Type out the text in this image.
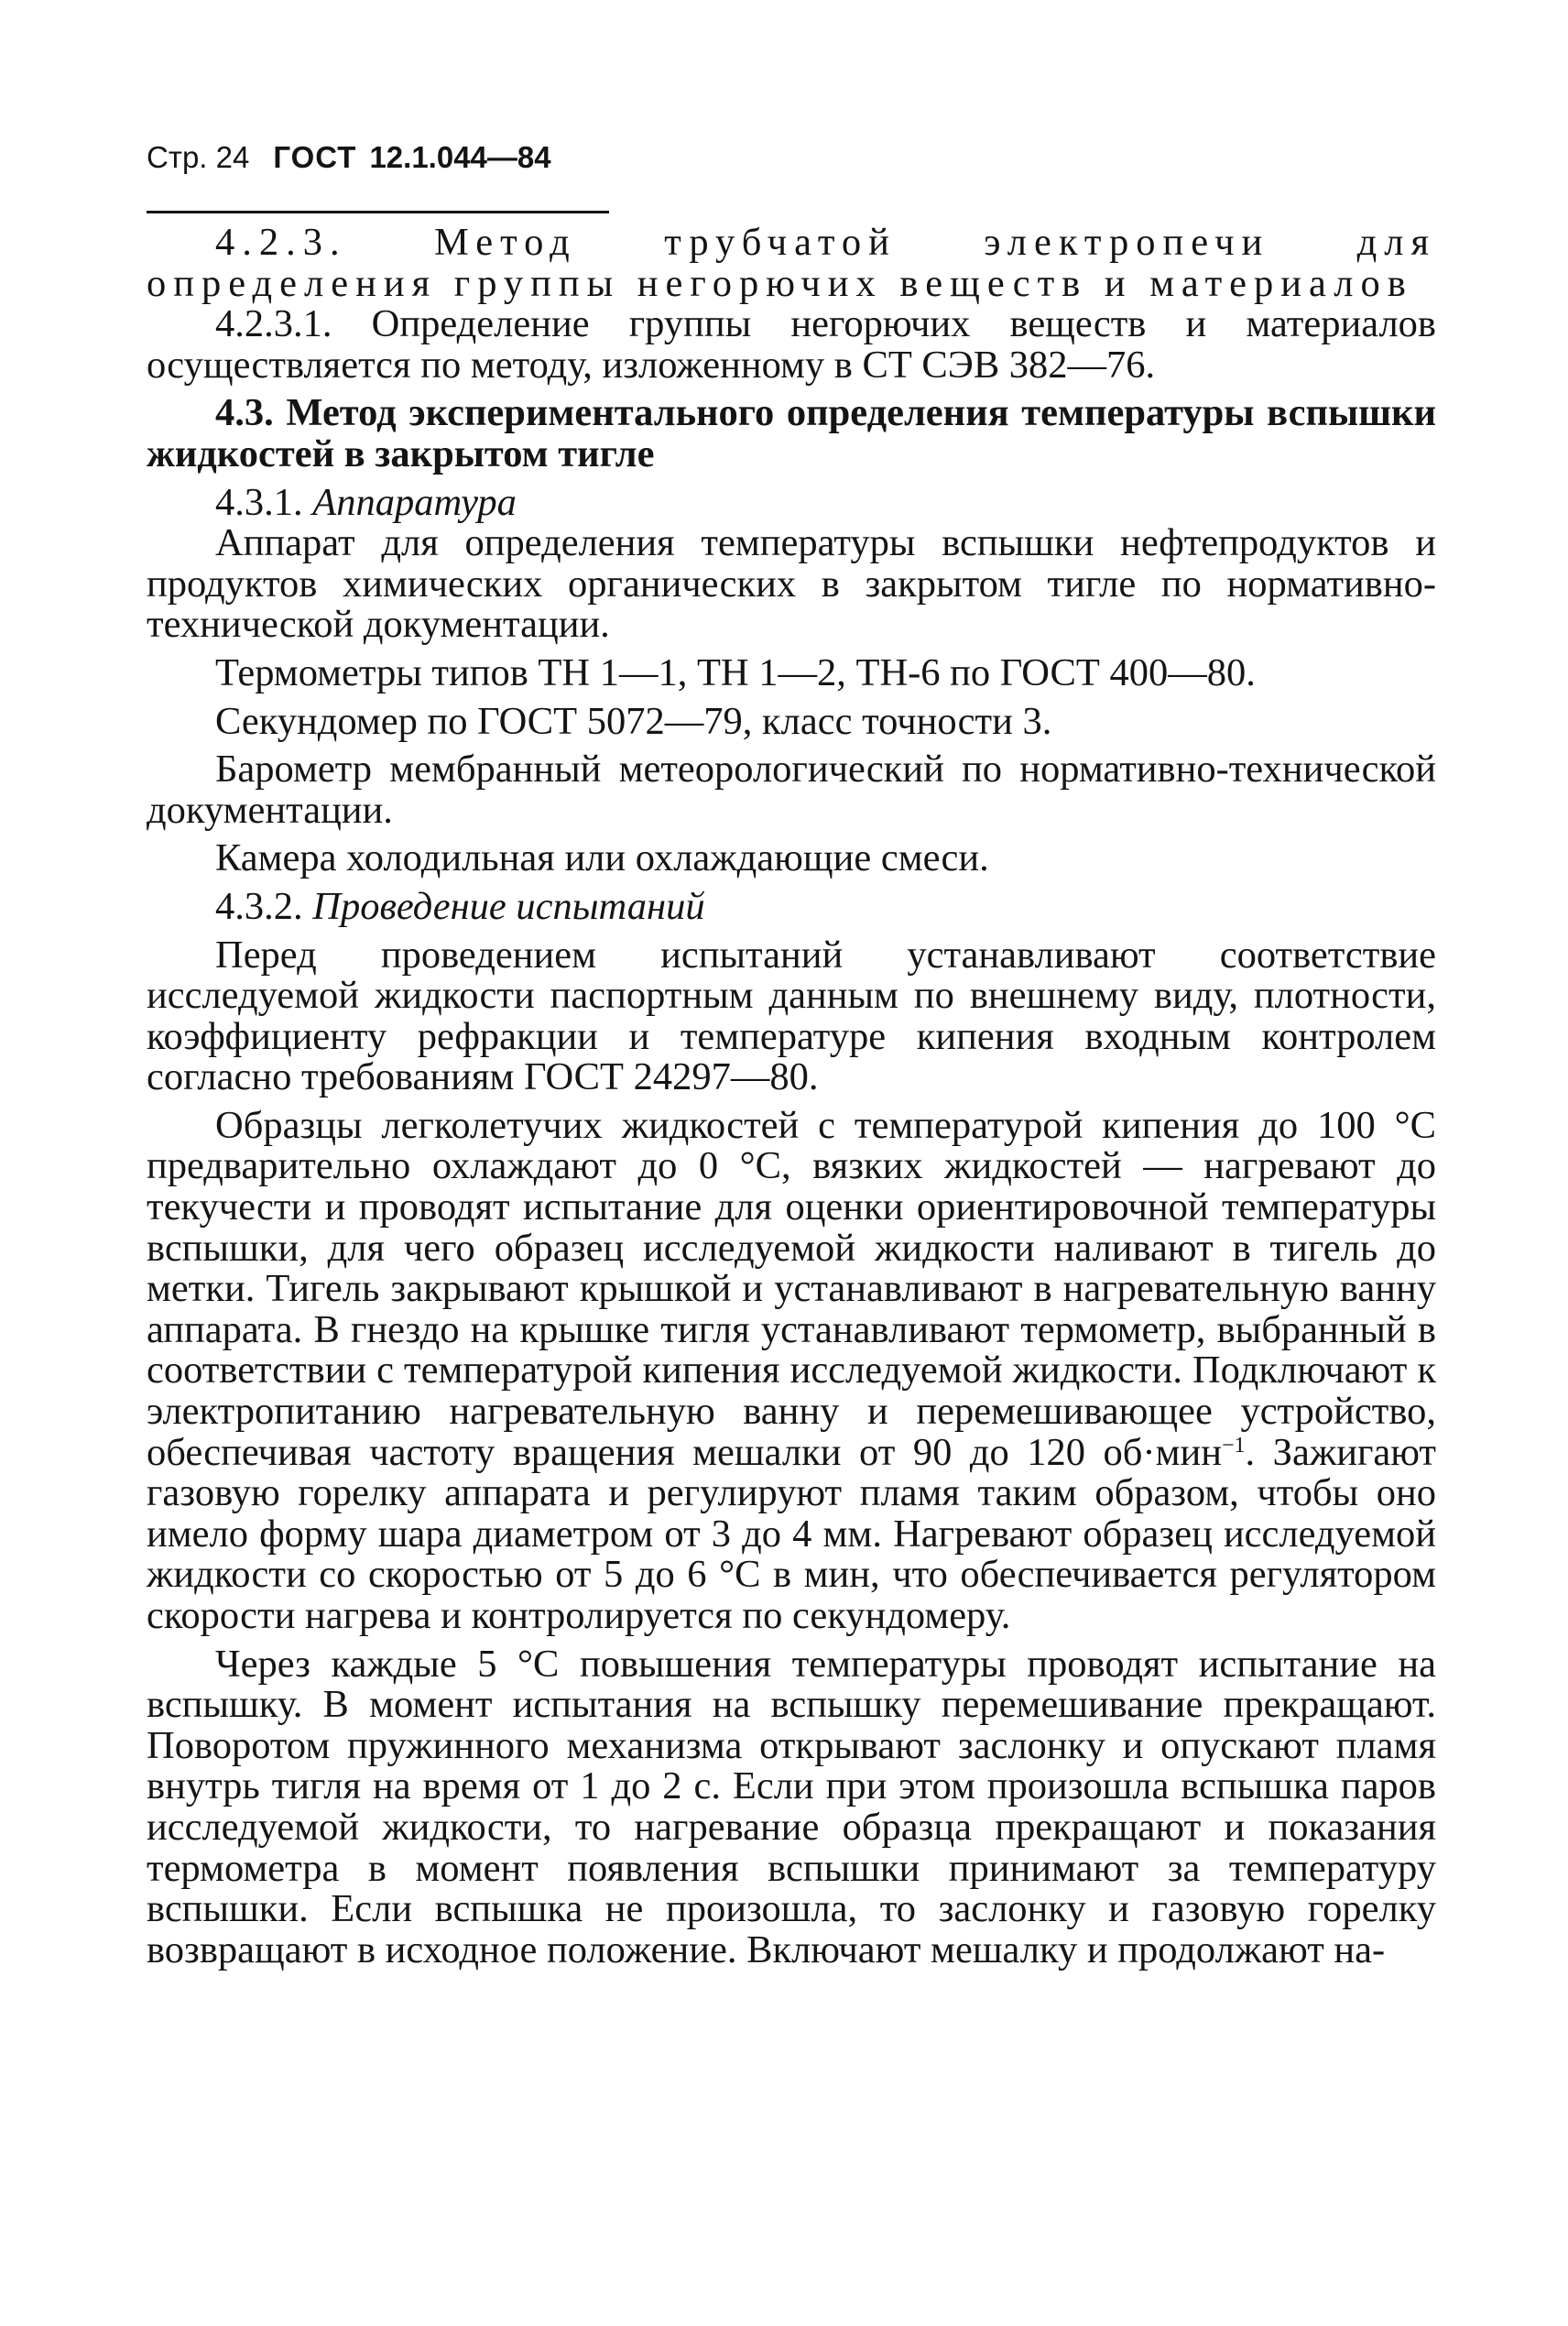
Стр. 24 ГОСТ 12.1.044—84

4.2.3. Метод трубчатой электропечи для определения группы негорючих веществ и материалов

4.2.3.1. Определение группы негорючих веществ и материалов осуществляется по методу, изложенному в СТ СЭВ 382—76.

4.3. Метод экспериментального определения температуры вспышки жидкостей в закрытом тигле

4.3.1. Аппаратура

Аппарат для определения температуры вспышки нефтепродуктов и продуктов химических органических в закрытом тигле по нормативно-технической документации.

Термометры типов ТН 1—1, ТН 1—2, ТН-6 по ГОСТ 400—80.

Секундомер по ГОСТ 5072—79, класс точности 3.

Барометр мембранный метеорологический по нормативно-технической документации.

Камера холодильная или охлаждающие смеси.

4.3.2. Проведение испытаний

Перед проведением испытаний устанавливают соответствие исследуемой жидкости паспортным данным по внешнему виду, плотности, коэффициенту рефракции и температуре кипения входным контролем согласно требованиям ГОСТ 24297—80.

Образцы легколетучих жидкостей с температурой кипения до 100 °С предварительно охлаждают до 0 °С, вязких жидкостей — нагревают до текучести и проводят испытание для оценки ориентировочной температуры вспышки, для чего образец исследуемой жидкости наливают в тигель до метки. Тигель закрывают крышкой и устанавливают в нагревательную ванну аппарата. В гнездо на крышке тигля устанавливают термометр, выбранный в соответствии с температурой кипения исследуемой жидкости. Подключают к электропитанию нагревательную ванну и перемешивающее устройство, обеспечивая частоту вращения мешалки от 90 до 120 об·мин$^{-1}$. Зажигают газовую горелку аппарата и регулируют пламя таким образом, чтобы оно имело форму шара диаметром от 3 до 4 мм. Нагревают образец исследуемой жидкости со скоростью от 5 до 6 °С в мин, что обеспечивается регулятором скорости нагрева и контролируется по секундомеру.

Через каждые 5 °С повышения температуры проводят испытание на вспышку. В момент испытания на вспышку перемешивание прекращают. Поворотом пружинного механизма открывают заслонку и опускают пламя внутрь тигля на время от 1 до 2 с. Если при этом произошла вспышка паров исследуемой жидкости, то нагревание образца прекращают и показания термометра в момент появления вспышки принимают за температуру вспышки. Если вспышка не произошла, то заслонку и газовую горелку возвращают в исходное положение. Включают мешалку и продолжают на-
